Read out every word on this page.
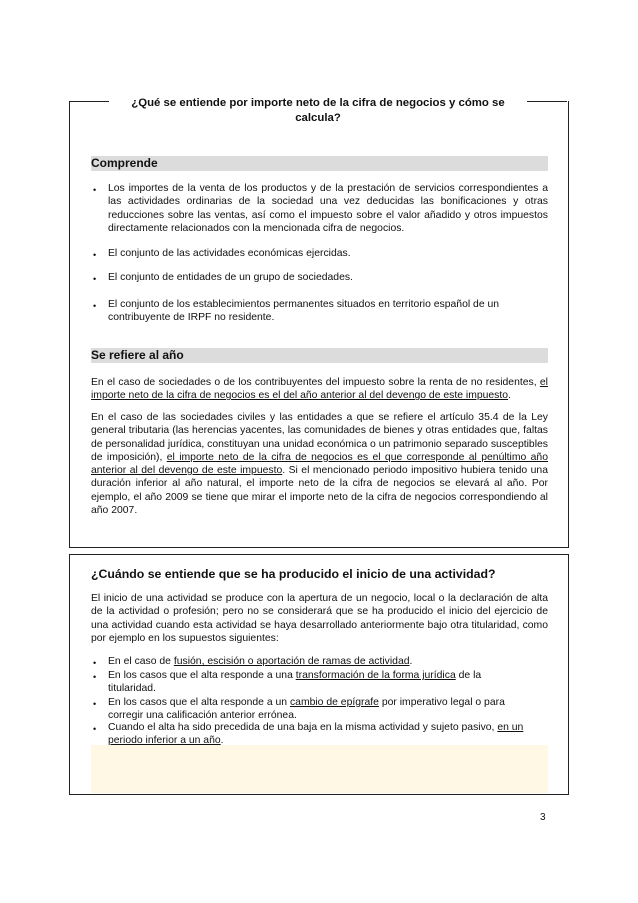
¿Qué se entiende por importe neto de la cifra de negocios y cómo se calcula?
Comprende
• Los importes de la venta de los productos y de la prestación de servicios correspondientes a las actividades ordinarias de la sociedad una vez deducidas las bonificaciones y otras reducciones sobre las ventas, así como el impuesto sobre el valor añadido y otros impuestos directamente relacionados con la mencionada cifra de negocios.
• El conjunto de las actividades económicas ejercidas.
• El conjunto de entidades de un grupo de sociedades.
• El conjunto de los establecimientos permanentes situados en territorio español de un contribuyente de IRPF no residente.
Se refiere al año
En el caso de sociedades o de los contribuyentes del impuesto sobre la renta de no residentes, el importe neto de la cifra de negocios es el del año anterior al del devengo de este impuesto.
En el caso de las sociedades civiles y las entidades a que se refiere el artículo 35.4 de la Ley general tributaria (las herencias yacentes, las comunidades de bienes y otras entidades que, faltas de personalidad jurídica, constituyan una unidad económica o un patrimonio separado susceptibles de imposición), el importe neto de la cifra de negocios es el que corresponde al penúltimo año anterior al del devengo de este impuesto. Si el mencionado periodo impositivo hubiera tenido una duración inferior al año natural, el importe neto de la cifra de negocios se elevará al año. Por ejemplo, el año 2009 se tiene que mirar el importe neto de la cifra de negocios correspondiendo al año 2007.
¿Cuándo se entiende que se ha producido el inicio de una actividad?
El inicio de una actividad se produce con la apertura de un negocio, local o la declaración de alta de la actividad o profesión; pero no se considerará que se ha producido el inicio del ejercicio de una actividad cuando esta actividad se haya desarrollado anteriormente bajo otra titularidad, como por ejemplo en los supuestos siguientes:
• En el caso de fusión, escisión o aportación de ramas de actividad.
• En los casos que el alta responde a una transformación de la forma jurídica de la titularidad.
• En los casos que el alta responde a un cambio de epígrafe por imperativo legal o para corregir una calificación anterior errónea.
• Cuando el alta ha sido precedida de una baja en la misma actividad y sujeto pasivo, en un periodo inferior a un año.
3
